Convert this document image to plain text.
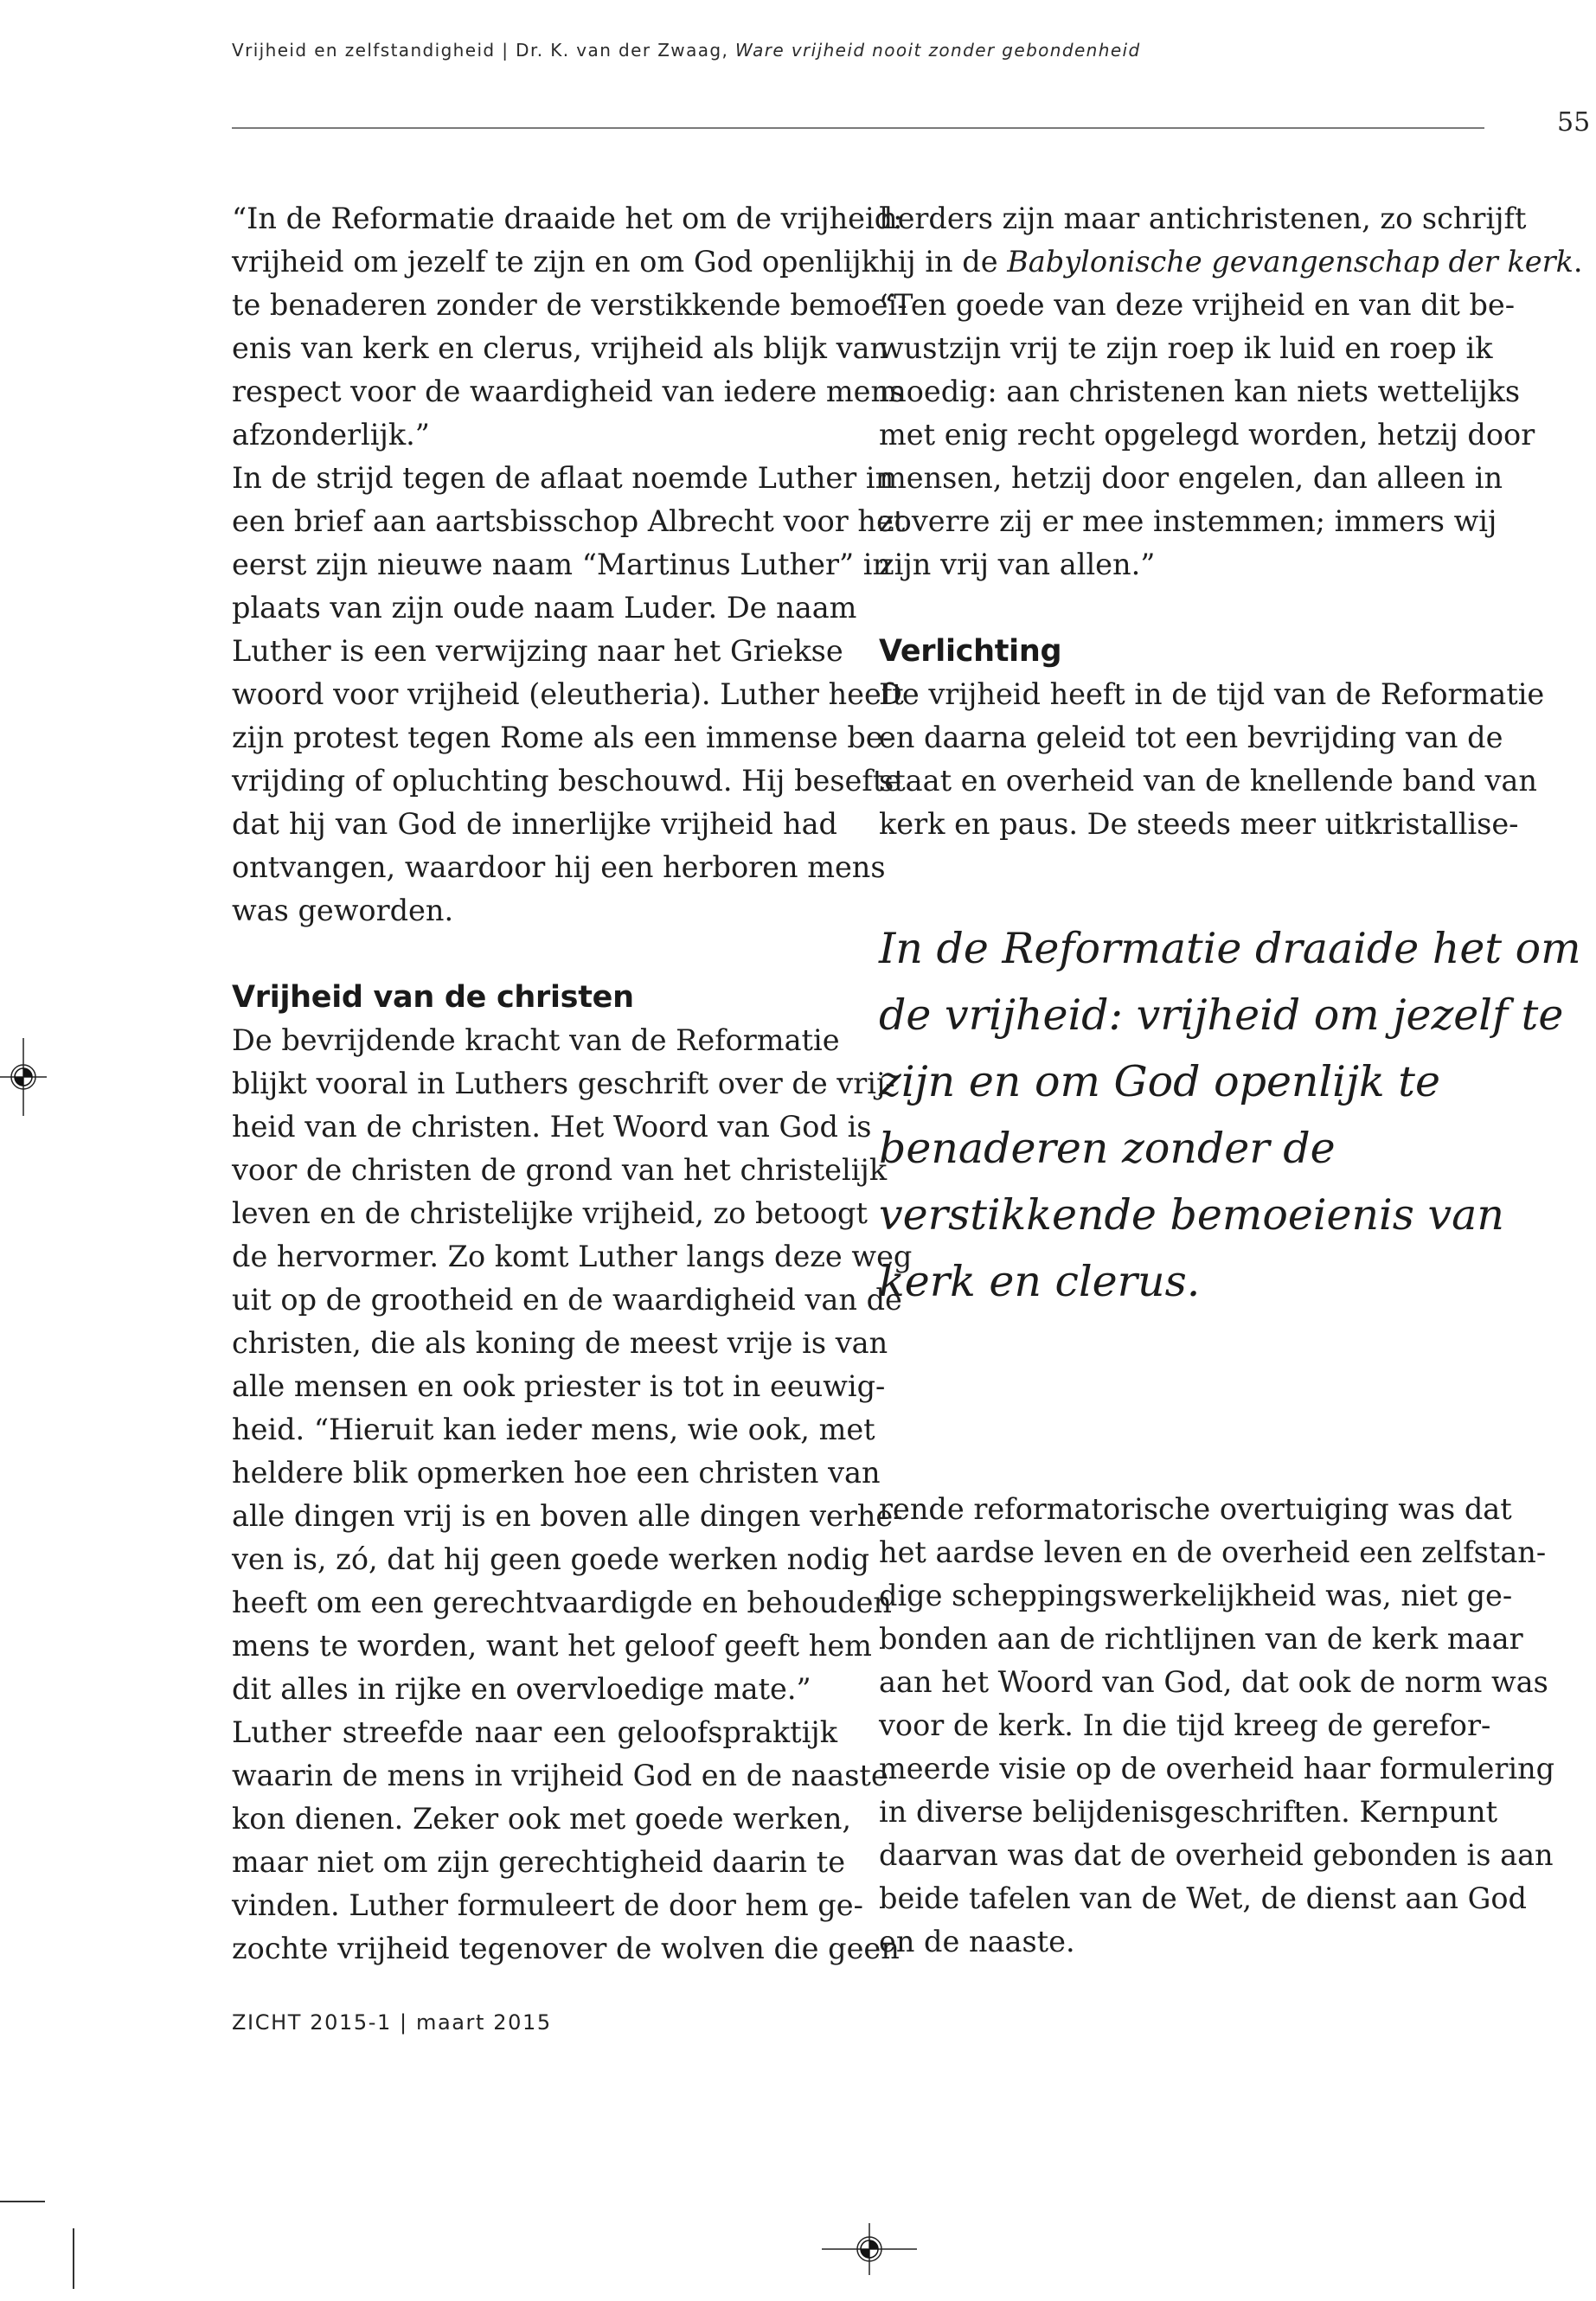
Vrijheid en zelfstandigheid | Dr. K. van der Zwaag, Ware vrijheid nooit zonder gebondenheid
55

“In de Reformatie draaide het om de vrijheid:
vrijheid om jezelf te zijn en om God openlijk
te benaderen zonder de verstikkende bemoei-
enis van kerk en clerus, vrijheid als blijk van
respect voor de waardigheid van iedere mens
afzonderlijk.”

In de strijd tegen de aflaat noemde Luther in
een brief aan aartsbisschop Albrecht voor het
eerst zijn nieuwe naam “Martinus Luther” in
plaats van zijn oude naam Luder. De naam
Luther is een verwijzing naar het Griekse
woord voor vrijheid (eleutheria). Luther heeft
zijn protest tegen Rome als een immense be-
vrijding of opluchting beschouwd. Hij besefte
dat hij van God de innerlijke vrijheid had
ontvangen, waardoor hij een herboren mens
was geworden.

Vrijheid van de christen

De bevrijdende kracht van de Reformatie
blijkt vooral in Luthers geschrift over de vrij-
heid van de christen. Het Woord van God is
voor de christen de grond van het christelijk
leven en de christelijke vrijheid, zo betoogt
de hervormer. Zo komt Luther langs deze weg
uit op de grootheid en de waardigheid van de
christen, die als koning de meest vrije is van
alle mensen en ook priester is tot in eeuwig-
heid. “Hieruit kan ieder mens, wie ook, met
heldere blik opmerken hoe een christen van
alle dingen vrij is en boven alle dingen verhe-
ven is, zó, dat hij geen goede werken nodig
heeft om een gerechtvaardigde en behouden
mens te worden, want het geloof geeft hem
dit alles in rijke en overvloedige mate.”

Luther streefde naar een geloofspraktijk
waarin de mens in vrijheid God en de naaste
kon dienen. Zeker ook met goede werken,
maar niet om zijn gerechtigheid daarin te
vinden. Luther formuleert de door hem ge-
zochte vrijheid tegenover de wolven die geen

herders zijn maar antichristenen, zo schrijft
hij in de Babylonische gevangenschap der kerk.
“Ten goede van deze vrijheid en van dit be-
wustzijn vrij te zijn roep ik luid en roep ik
moedig: aan christenen kan niets wettelijks
met enig recht opgelegd worden, hetzij door
mensen, hetzij door engelen, dan alleen in
zoverre zij er mee instemmen; immers wij
zijn vrij van allen.”

Verlichting

De vrijheid heeft in de tijd van de Reformatie
en daarna geleid tot een bevrijding van de
staat en overheid van de knellende band van
kerk en paus. De steeds meer uitkristallise-

In de Reformatie draaide het om
de vrijheid: vrijheid om jezelf te
zijn en om God openlijk te
benaderen zonder de
verstikkende bemoeienis van
kerk en clerus.

rende reformatorische overtuiging was dat
het aardse leven en de overheid een zelfstan-
dige scheppingswerkelijkheid was, niet ge-
bonden aan de richtlijnen van de kerk maar
aan het Woord van God, dat ook de norm was
voor de kerk. In die tijd kreeg de gerefor-
meerde visie op de overheid haar formulering
in diverse belijdenisgeschriften. Kernpunt
daarvan was dat de overheid gebonden is aan
beide tafelen van de Wet, de dienst aan God
en de naaste.

ZICHT 2015-1 | maart 2015
